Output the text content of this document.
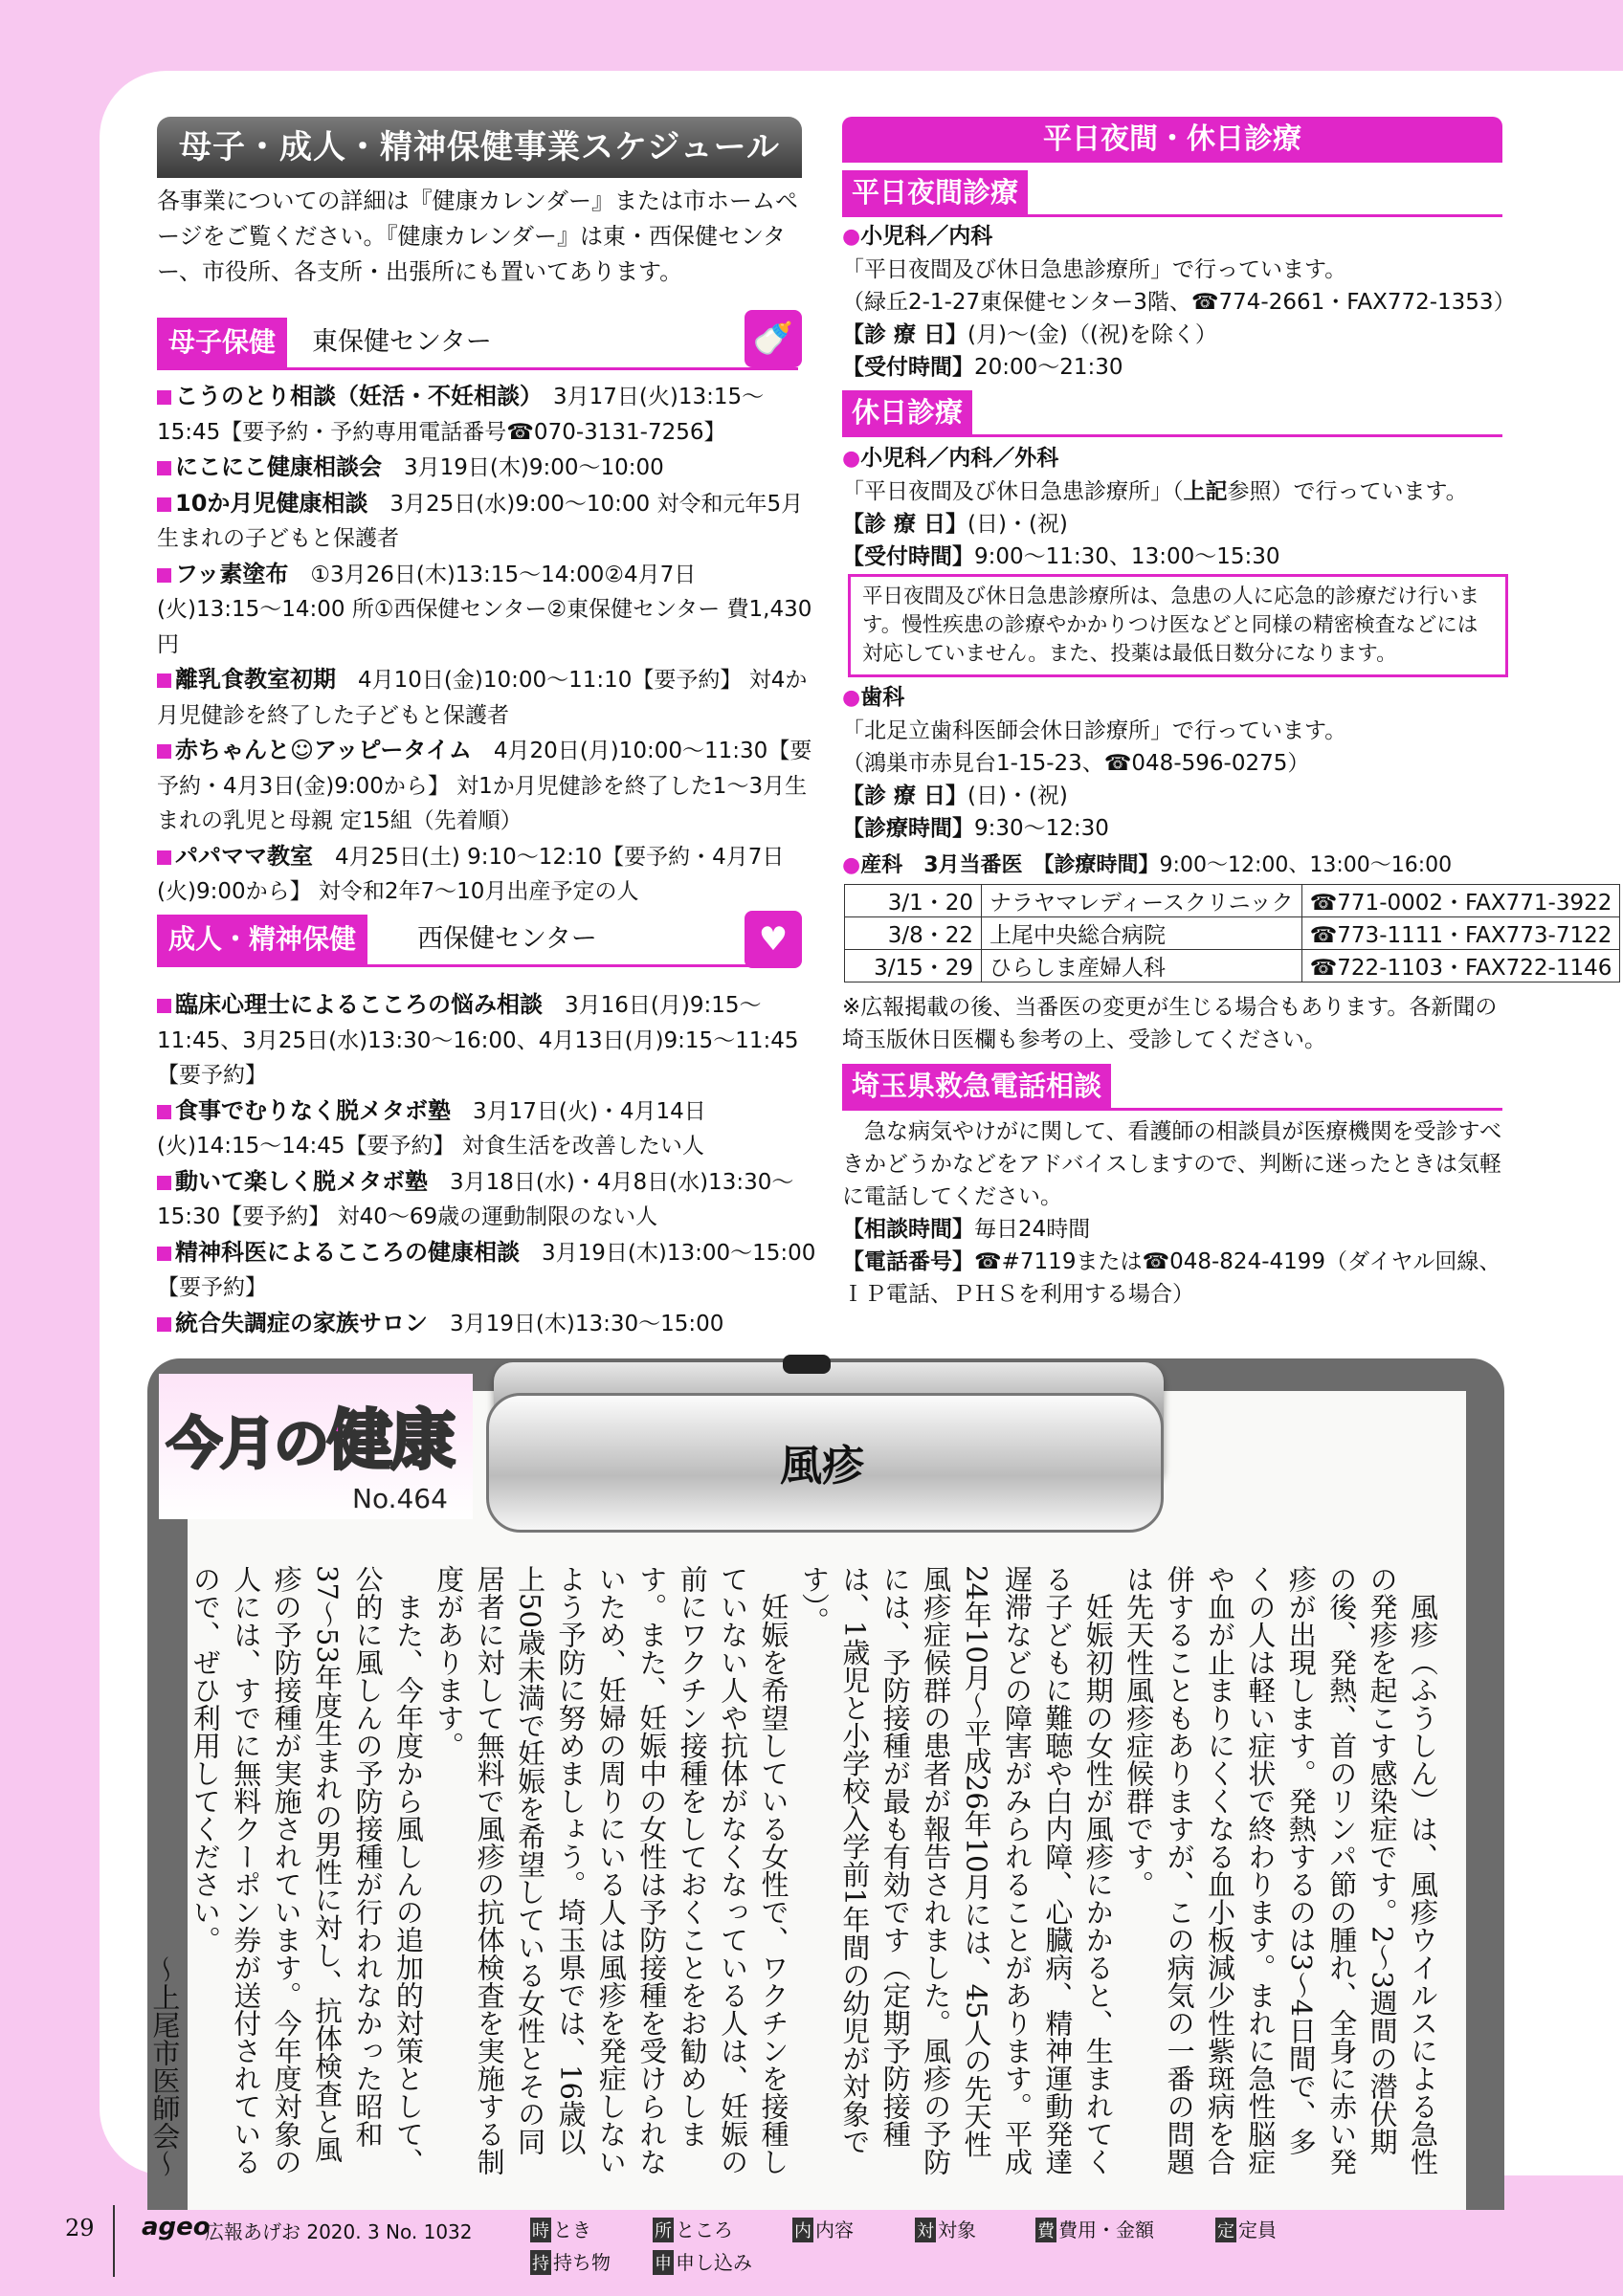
母子・成人・精神保健事業スケジュール
各事業についての詳細は『健康カレンダー』または市ホームページをご覧ください。『健康カレンダー』は東・西保健センター、市役所、各支所・出張所にも置いてあります。
母子保健	東保健センター	🍼

こうのとり相談（妊活・不妊相談）　 3月17日(火)13:15〜15:45【要予約・予約専用電話番号☎070-3131-7256】

にこにこ健康相談会　 3月19日(木)9:00〜10:00

10か月児健康相談　 3月25日(水)9:00〜10:00 対令和元年5月生まれの子どもと保護者

フッ素塗布　 ①3月26日(木)13:15〜14:00②4月7日(火)13:15〜14:00 所①西保健センター②東保健センター 費1,430円

離乳食教室初期　 4月10日(金)10:00〜11:10【要予約】 対4か月児健診を終了した子どもと保護者

赤ちゃんと☺アッピータイム　 4月20日(月)10:00〜11:30【要予約・4月3日(金)9:00から】 対1か月児健診を終了した1〜3月生まれの乳児と母親 定15組（先着順）

パパママ教室　 4月25日(土) 9:10〜12:10【要予約・4月7日(火)9:00から】 対令和2年7〜10月出産予定の人

成人・精神保健	西保健センター	♥

臨床心理士によるこころの悩み相談　 3月16日(月)9:15〜11:45、3月25日(水)13:30〜16:00、4月13日(月)9:15〜11:45【要予約】

食事でむりなく脱メタボ塾　 3月17日(火)・4月14日(火)14:15〜14:45【要予約】 対食生活を改善したい人

動いて楽しく脱メタボ塾　 3月18日(水)・4月8日(水)13:30〜15:30【要予約】 対40〜69歳の運動制限のない人

精神科医によるこころの健康相談　 3月19日(木)13:00〜15:00【要予約】

統合失調症の家族サロン　 3月19日(木)13:30〜15:00

平日夜間・休日診療
平日夜間診療
●小児科／内科
「平日夜間及び休日急患診療所」で行っています。
（緑丘2-1-27東保健センター3階、☎774-2661・FAX772-1353）
【診 療 日】(月)〜(金)（(祝)を除く）
【受付時間】20:00〜21:30
休日診療
●小児科／内科／外科
「平日夜間及び休日急患診療所」（上記参照）で行っています。
【診 療 日】(日)・(祝)
【受付時間】9:00〜11:30、13:00〜15:30
平日夜間及び休日急患診療所は、急患の人に応急的診療だけ行います。慢性疾患の診療やかかりつけ医などと同様の精密検査などには対応していません。また、投薬は最低日数分になります。
●歯科
「北足立歯科医師会休日診療所」で行っています。
（鴻巣市赤見台1-15-23、☎048-596-0275）
【診 療 日】(日)・(祝)
【診療時間】9:30〜12:30
●産科　3月当番医　 【診療時間】9:00〜12:00、13:00〜16:00
3/1・20	ナラヤマレディースクリニック	☎771-0002・FAX771-3922
3/8・22	上尾中央総合病院	☎773-1111・FAX773-7122
3/15・29	ひらしま産婦人科	☎722-1103・FAX722-1146
※広報掲載の後、当番医の変更が生じる場合もあります。各新聞の埼玉版休日医欄も参考の上、受診してください。
埼玉県救急電話相談
急な病気やけがに関して、看護師の相談員が医療機関を受診すべきかどうかなどをアドバイスしますので、判断に迷ったときは気軽に電話してください。
【相談時間】毎日24時間
【電話番号】☎#7119または☎048-824-4199（ダイヤル回線、ＩＰ電話、ＰＨＳを利用する場合）
今月の健康
No.464
風疹

風疹（ふうしん）は、風疹ウイルスによる急性の発疹を起こす感染症です。2〜3週間の潜伏期の後、発熱、首のリンパ節の腫れ、全身に赤い発疹が出現します。発熱するのは3〜4日間で、多くの人は軽い症状で終わります。まれに急性脳症や血が止まりにくくなる血小板減少性紫斑病を合併することもありますが、この病気の一番の問題は先天性風疹症候群です。

妊娠初期の女性が風疹にかかると、生まれてくる子どもに難聴や白内障、心臓病、精神運動発達遅滞などの障害がみられることがあります。平成24年10月〜平成26年10月には、45人の先天性風疹症候群の患者が報告されました。風疹の予防には、予防接種が最も有効です（定期予防接種は、1歳児と小学校入学前1年間の幼児が対象です）。

妊娠を希望している女性で、ワクチンを接種していない人や抗体がなくなっている人は、妊娠の前にワクチン接種をしておくことをお勧めします。また、妊娠中の女性は予防接種を受けられないため、妊婦の周りにいる人は風疹を発症しないよう予防に努めましょう。埼玉県では、16歳以上50歳未満で妊娠を希望している女性とその同居者に対して無料で風疹の抗体検査を実施する制度があります。

また、今年度から風しんの追加的対策として、公的に風しんの予防接種が行われなかった昭和37〜53年度生まれの男性に対し、抗体検査と風疹の予防接種が実施されています。今年度対象の人には、すでに無料クーポン券が送付されているので、ぜひ利用してください。

〜上尾市医師会〜

29 ageo
広報あげお 2020. 3 No. 1032	時 とき	所 ところ	内 内容	対 対象	費 費用・金額	定 定員
持 持ち物	申 申し込み
